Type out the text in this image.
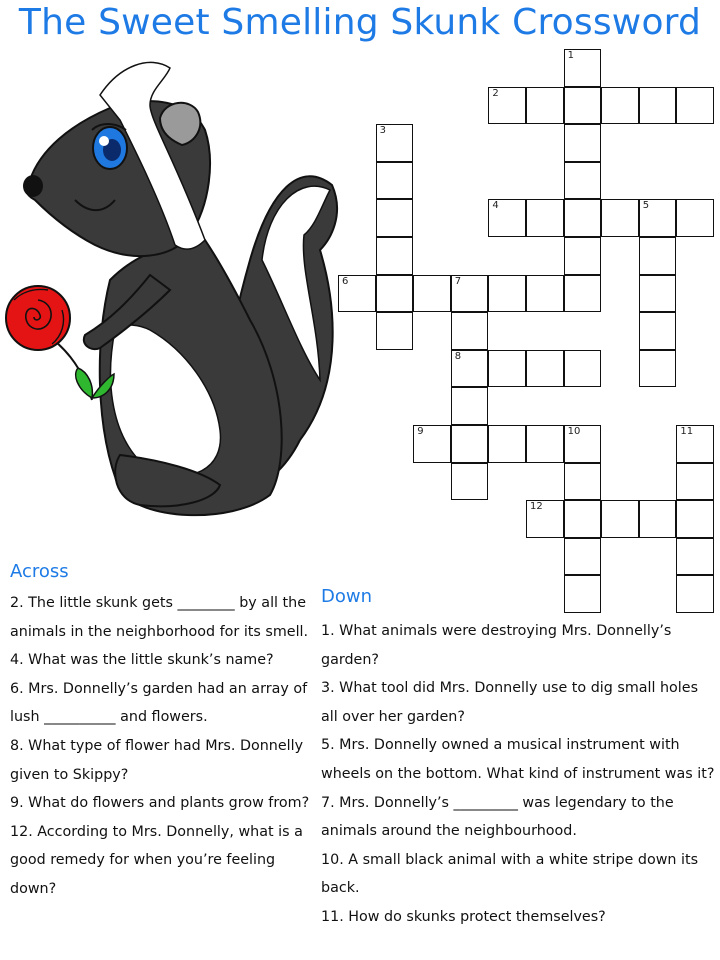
The Sweet Smelling Skunk Crossword
1
2
3
4	5
6	7
8
9	10	11
12
Across
Down

2. The little skunk gets ________ by all the animals in the neighborhood for its smell.

4. What was the little skunk’s name?

6. Mrs. Donnelly’s garden had an array of lush __________ and flowers.

8. What type of flower had Mrs. Donnelly given to Skippy?

9. What do flowers and plants grow from?

12. According to Mrs. Donnelly, what is a good remedy for when you’re feeling down?

1. What animals were destroying Mrs. Donnelly’s garden?

3. What tool did Mrs. Donnelly use to dig small holes all over her garden?

5. Mrs. Donnelly owned a musical instrument with wheels on the bottom. What kind of instrument was it?

7. Mrs. Donnelly’s _________ was legendary to the animals around the neighbourhood.

10. A small black animal with a white stripe down its back.

11. How do skunks protect themselves?
